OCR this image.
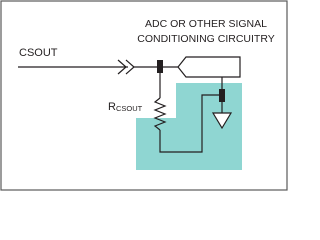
ADC OR OTHER SIGNAL
CONDITIONING CIRCUITRY
CSOUT
RCSOUT
